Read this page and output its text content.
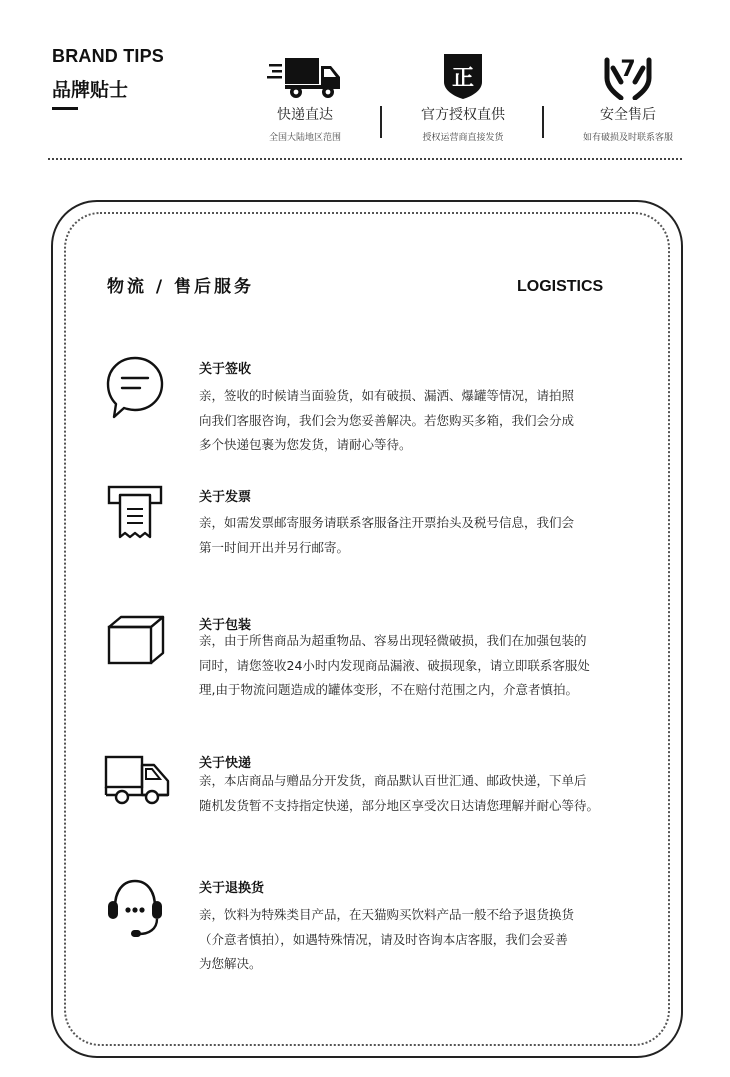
BRAND TIPS
品牌贴士
快递直达
全国大陆地区范围
正
官方授权直供
授权运营商直接发货
7
安全售后
如有破损及时联系客服
物流 / 售后服务	LOGISTICS
关于签收
亲，签收的时候请当面验货，如有破损、漏洒、爆罐等情况，请拍照
向我们客服咨询，我们会为您妥善解决。若您购买多箱，我们会分成
多个快递包裹为您发货，请耐心等待。
关于发票
亲，如需发票邮寄服务请联系客服备注开票抬头及税号信息，我们会
第一时间开出并另行邮寄。
关于包装
亲，由于所售商品为超重物品、容易出现轻微破损，我们在加强包装的
同时，请您签收24小时内发现商品漏液、破损现象，请立即联系客服处
理,由于物流问题造成的罐体变形，不在赔付范围之内，介意者慎拍。
关于快递
亲，本店商品与赠品分开发货，商品默认百世汇通、邮政快递，下单后
随机发货暂不支持指定快递，部分地区享受次日达请您理解并耐心等待。
关于退换货
亲，饮料为特殊类目产品，在天猫购买饮料产品一般不给予退货换货
（介意者慎拍），如遇特殊情况，请及时咨询本店客服，我们会妥善
为您解决。
